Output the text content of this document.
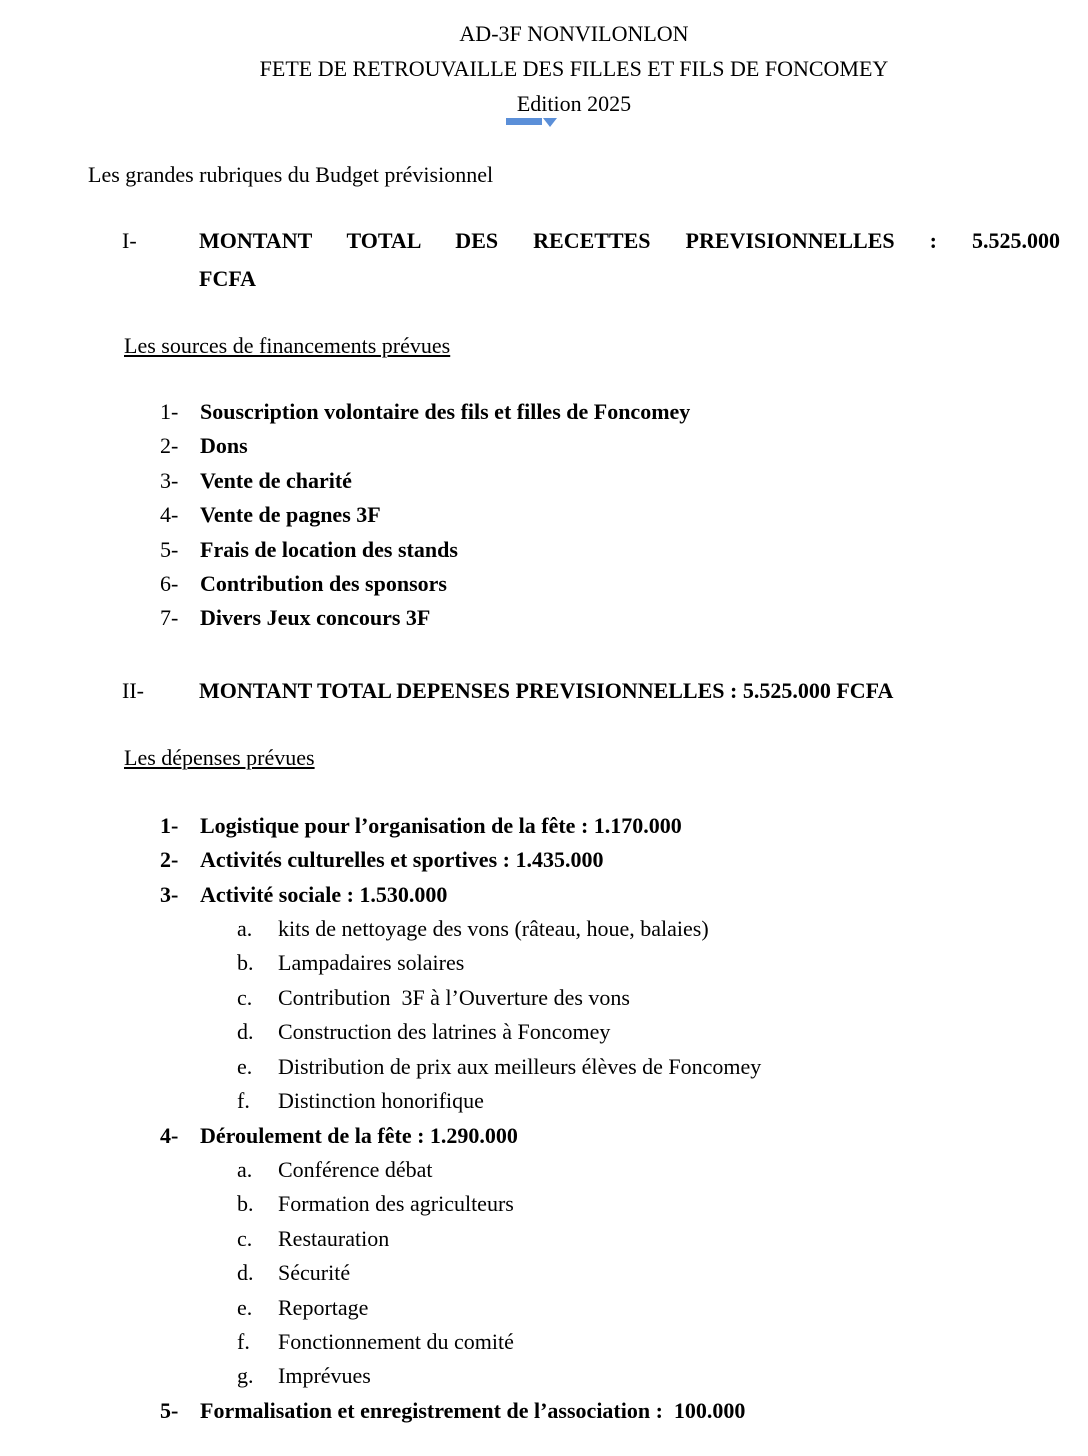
AD-3F NONVILONLON
FETE DE RETROUVAILLE DES FILLES ET FILS DE FONCOMEY
Edition 2025
Les grandes rubriques du Budget prévisionnel
I-	MONTANT TOTAL DES RECETTES PREVISIONNELLES : 5.525.000
FCFA
Les sources de financements prévues
1- Souscription volontaire des fils et filles de Foncomey
2- Dons
3- Vente de charité
4- Vente de pagnes 3F
5- Frais de location des stands
6- Contribution des sponsors
7- Divers Jeux concours 3F
II-	MONTANT TOTAL DEPENSES PREVISIONNELLES : 5.525.000 FCFA
Les dépenses prévues
1- Logistique pour l’organisation de la fête : 1.170.000
2- Activités culturelles et sportives : 1.435.000
3- Activité sociale : 1.530.000
a.	kits de nettoyage des vons (râteau, houe, balaies)
b.	Lampadaires solaires
c.	Contribution  3F à l’Ouverture des vons
d.	Construction des latrines à Foncomey
e.	Distribution de prix aux meilleurs élèves de Foncomey
f.	Distinction honorifique
4- Déroulement de la fête : 1.290.000
a.	Conférence débat
b.	Formation des agriculteurs
c.	Restauration
d.	Sécurité
e.	Reportage
f.	Fonctionnement du comité
g.	Imprévues
5- Formalisation et enregistrement de l’association :  100.000
